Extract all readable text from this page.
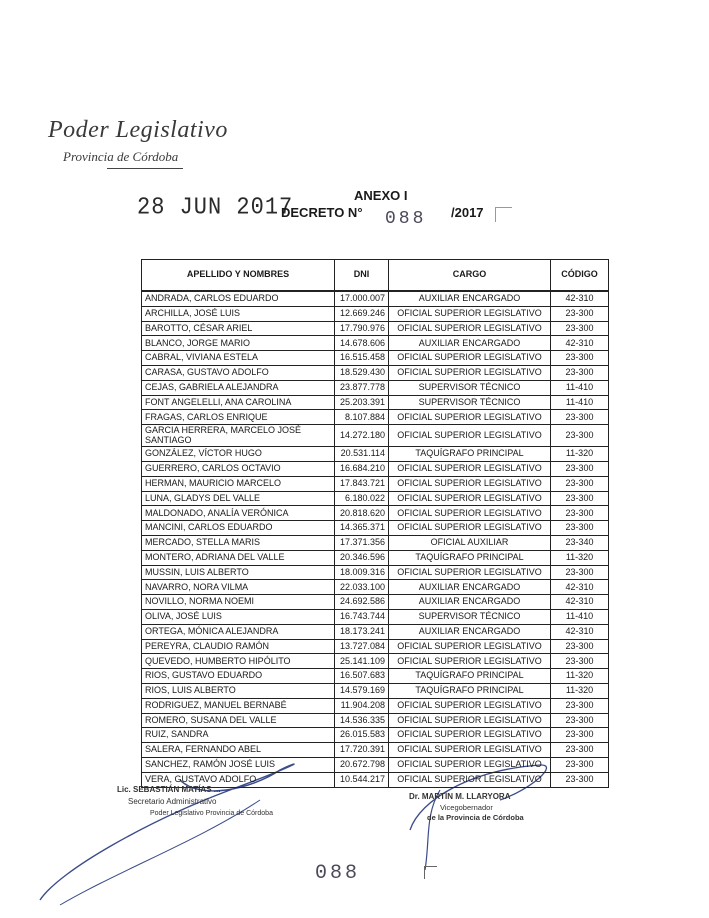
Poder Legislativo
Provincia de Córdoba
28 JUN 2017	ANEXO I
DECRETO N° 088 /2017
APELLIDO Y NOMBRES	DNI	CARGO	CÓDIGO
ANDRADA, CARLOS EDUARDO	17.000.007	AUXILIAR ENCARGADO	42-310
ARCHILLA, JOSÉ LUIS	12.669.246	OFICIAL SUPERIOR LEGISLATIVO	23-300
BAROTTO, CÉSAR ARIEL	17.790.976	OFICIAL SUPERIOR LEGISLATIVO	23-300
BLANCO, JORGE MARIO	14.678.606	AUXILIAR ENCARGADO	42-310
CABRAL, VIVIANA ESTELA	16.515.458	OFICIAL SUPERIOR LEGISLATIVO	23-300
CARASA, GUSTAVO ADOLFO	18.529.430	OFICIAL SUPERIOR LEGISLATIVO	23-300
CEJAS, GABRIELA ALEJANDRA	23.877.778	SUPERVISOR TÉCNICO	11-410
FONT ANGELELLI, ANA CAROLINA	25.203.391	SUPERVISOR TÉCNICO	11-410
FRAGAS, CARLOS ENRIQUE	8.107.884	OFICIAL SUPERIOR LEGISLATIVO	23-300
GARCIA HERRERA, MARCELO JOSÉ SANTIAGO	14.272.180	OFICIAL SUPERIOR LEGISLATIVO	23-300
GONZÁLEZ, VÍCTOR HUGO	20.531.114	TAQUÍGRAFO PRINCIPAL	11-320
GUERRERO, CARLOS OCTAVIO	16.684.210	OFICIAL SUPERIOR LEGISLATIVO	23-300
HERMAN, MAURICIO MARCELO	17.843.721	OFICIAL SUPERIOR LEGISLATIVO	23-300
LUNA, GLADYS DEL VALLE	6.180.022	OFICIAL SUPERIOR LEGISLATIVO	23-300
MALDONADO, ANALÍA VERÓNICA	20.818.620	OFICIAL SUPERIOR LEGISLATIVO	23-300
MANCINI, CARLOS EDUARDO	14.365.371	OFICIAL SUPERIOR LEGISLATIVO	23-300
MERCADO, STELLA MARIS	17.371.356	OFICIAL AUXILIAR	23-340
MONTERO, ADRIANA DEL VALLE	20.346.596	TAQUÍGRAFO PRINCIPAL	11-320
MUSSIN, LUIS ALBERTO	18.009.316	OFICIAL SUPERIOR LEGISLATIVO	23-300
NAVARRO, NORA VILMA	22.033.100	AUXILIAR ENCARGADO	42-310
NOVILLO, NORMA NOEMI	24.692.586	AUXILIAR ENCARGADO	42-310
OLIVA, JOSÉ LUIS	16.743.744	SUPERVISOR TÉCNICO	11-410
ORTEGA, MÓNICA ALEJANDRA	18.173.241	AUXILIAR ENCARGADO	42-310
PEREYRA, CLAUDIO RAMÓN	13.727.084	OFICIAL SUPERIOR LEGISLATIVO	23-300
QUEVEDO, HUMBERTO HIPÓLITO	25.141.109	OFICIAL SUPERIOR LEGISLATIVO	23-300
RIOS, GUSTAVO EDUARDO	16.507.683	TAQUÍGRAFO PRINCIPAL	11-320
RIOS, LUIS ALBERTO	14.579.169	TAQUÍGRAFO PRINCIPAL	11-320
RODRIGUEZ, MANUEL BERNABÉ	11.904.208	OFICIAL SUPERIOR LEGISLATIVO	23-300
ROMERO, SUSANA DEL VALLE	14.536.335	OFICIAL SUPERIOR LEGISLATIVO	23-300
RUIZ, SANDRA	26.015.583	OFICIAL SUPERIOR LEGISLATIVO	23-300
SALERA, FERNANDO ABEL	17.720.391	OFICIAL SUPERIOR LEGISLATIVO	23-300
SANCHEZ, RAMÓN JOSÉ LUIS	20.672.798	OFICIAL SUPERIOR LEGISLATIVO	23-300
VERA, GUSTAVO ADOLFO	10.544.217	OFICIAL SUPERIOR LEGISLATIVO	23-300
Lic. SEBASTIÁN MATÍAS ...
Secretario Administrativo
Poder Legislativo Provincia de Córdoba
Dr. MARTÍN M. LLARYORA
Vicegobernador
de la Provincia de Córdoba
088
